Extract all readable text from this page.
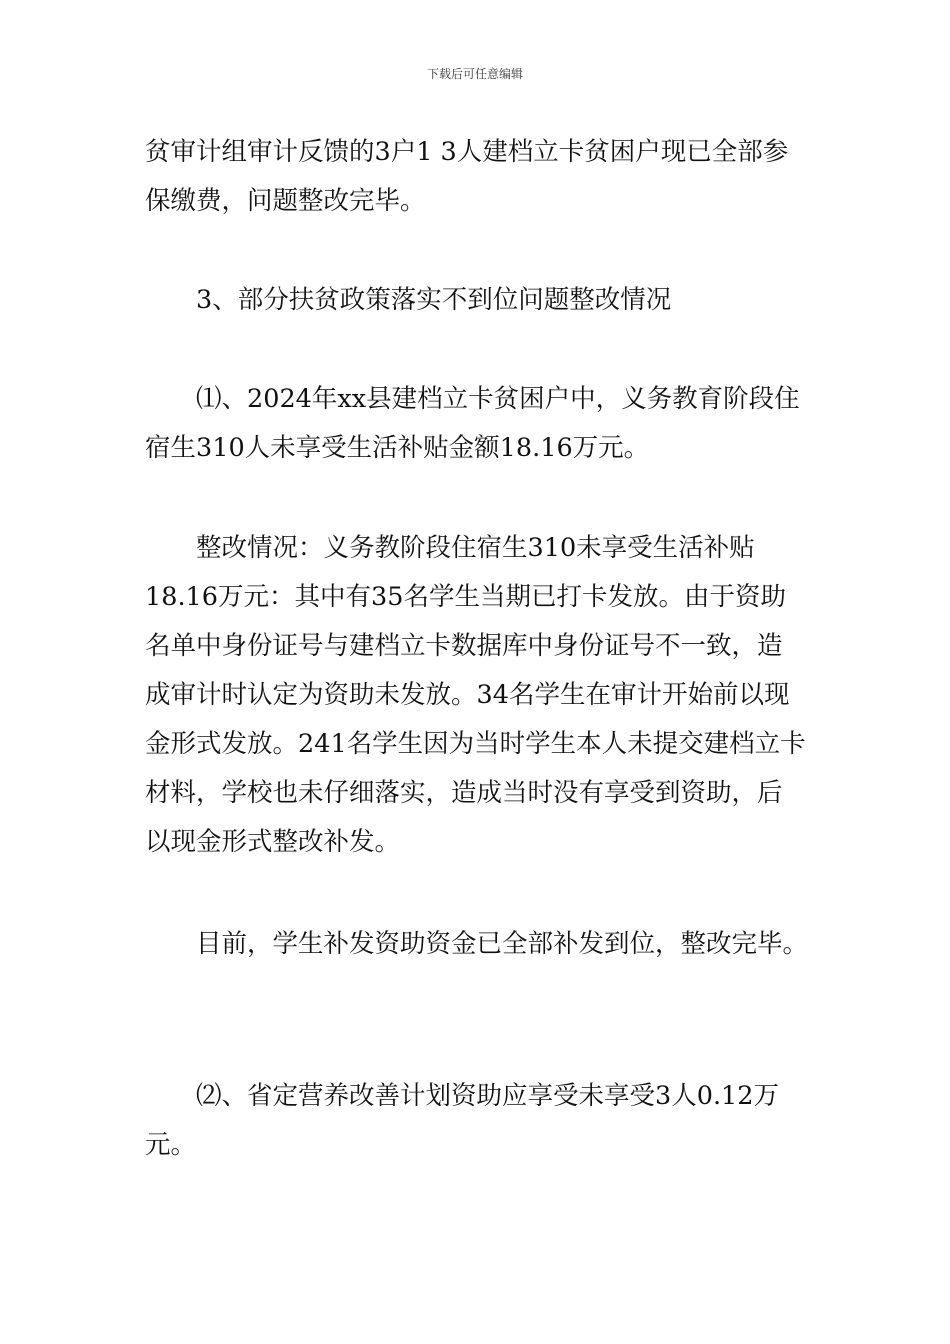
下载后可任意编辑

贫审计组审计反馈的3户1 3人建档立卡贫困户现已全部参
保缴费，问题整改完毕。

3、部分扶贫政策落实不到位问题整改情况

⑴、2024年xx县建档立卡贫困户中，义务教育阶段住
宿生310人未享受生活补贴金额18.16万元。

整改情况：义务教阶段住宿生310未享受生活补贴
18.16万元：其中有35名学生当期已打卡发放。由于资助
名单中身份证号与建档立卡数据库中身份证号不一致，造
成审计时认定为资助未发放。34名学生在审计开始前以现
金形式发放。241名学生因为当时学生本人未提交建档立卡
材料，学校也未仔细落实，造成当时没有享受到资助，后
以现金形式整改补发。

目前，学生补发资助资金已全部补发到位，整改完毕。

⑵、省定营养改善计划资助应享受未享受3人0.12万
元。
